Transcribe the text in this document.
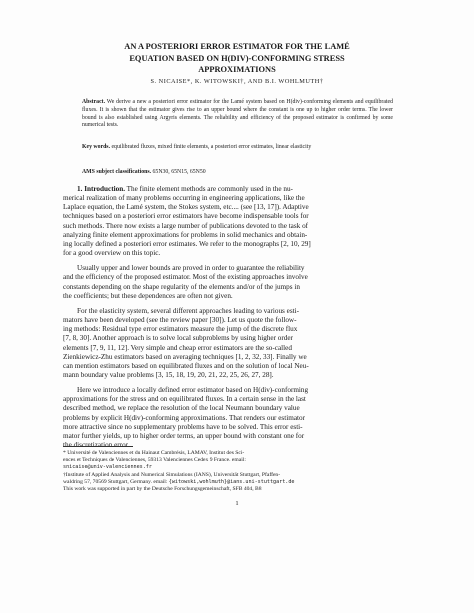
AN A POSTERIORI ERROR ESTIMATOR FOR THE LAMÉ
EQUATION BASED ON H(DIV)-CONFORMING STRESS
APPROXIMATIONS
S. NICAISE*, K. WITOWSKI†, AND B.I. WOHLMUTH†
Abstract. We derive a new a posteriori error estimator for the Lamé system based on H(div)-conforming elements and equilibrated fluxes. It is shown that the estimator gives rise to an upper bound where the constant is one up to higher order terms. The lower bound is also established using Argyris elements. The reliability and efficiency of the proposed estimator is confirmed by some numerical tests.
Key words. equilibrated fluxes, mixed finite elements, a posteriori error estimates, linear elasticity
AMS subject classifications. 65N30, 65N15, 65N50

1. Introduction. The finite element methods are commonly used in the nu-
merical realization of many problems occurring in engineering applications, like the
Laplace equation, the Lamé system, the Stokes system, etc.... (see [13, 17]). Adaptive
techniques based on a posteriori error estimators have become indispensable tools for
such methods. There now exists a large number of publications devoted to the task of
analyzing finite element approximations for problems in solid mechanics and obtain-
ing locally defined a posteriori error estimates. We refer to the monographs [2, 10, 29]
for a good overview on this topic.

Usually upper and lower bounds are proved in order to guarantee the reliability
and the efficiency of the proposed estimator. Most of the existing approaches involve
constants depending on the shape regularity of the elements and/or of the jumps in
the coefficients; but these dependences are often not given.

For the elasticity system, several different approaches leading to various esti-
mators have been developed (see the review paper [30]). Let us quote the follow-
ing methods: Residual type error estimators measure the jump of the discrete flux
[7, 8, 30]. Another approach is to solve local subproblems by using higher order
elements [7, 9, 11, 12]. Very simple and cheap error estimators are the so-called
Zienkiewicz-Zhu estimators based on averaging techniques [1, 2, 32, 33]. Finally we
can mention estimators based on equilibrated fluxes and on the solution of local Neu-
mann boundary value problems [3, 15, 18, 19, 20, 21, 22, 25, 26, 27, 28].

Here we introduce a locally defined error estimator based on H(div)-conforming
approximations for the stress and on equilibrated fluxes. In a certain sense in the last
described method, we replace the resolution of the local Neumann boundary value
problems by explicit H(div)-conforming approximations. That renders our estimator
more attractive since no supplementary problems have to be solved. This error esti-
mator further yields, up to higher order terms, an upper bound with constant one for
the discretization error.

* Université de Valenciennes et du Hainaut Cambrésis, LAMAV, Institut des Sci-
ences et Techniques de Valenciennes, 59313 Valenciennes Cedex 9 France. email:
snicaise@univ-valenciennes.fr
†Institute of Applied Analysis and Numerical Simulations (IANS), Universität Stuttgart, Pfaffen-
waldring 57, 70569 Stuttgart, Germany. email: {witowski,wohlmuth}@ians.uni-stuttgart.de
This work was supported in part by the Deutsche Forschungsgemeinschaft, SFB 404, B8
1
